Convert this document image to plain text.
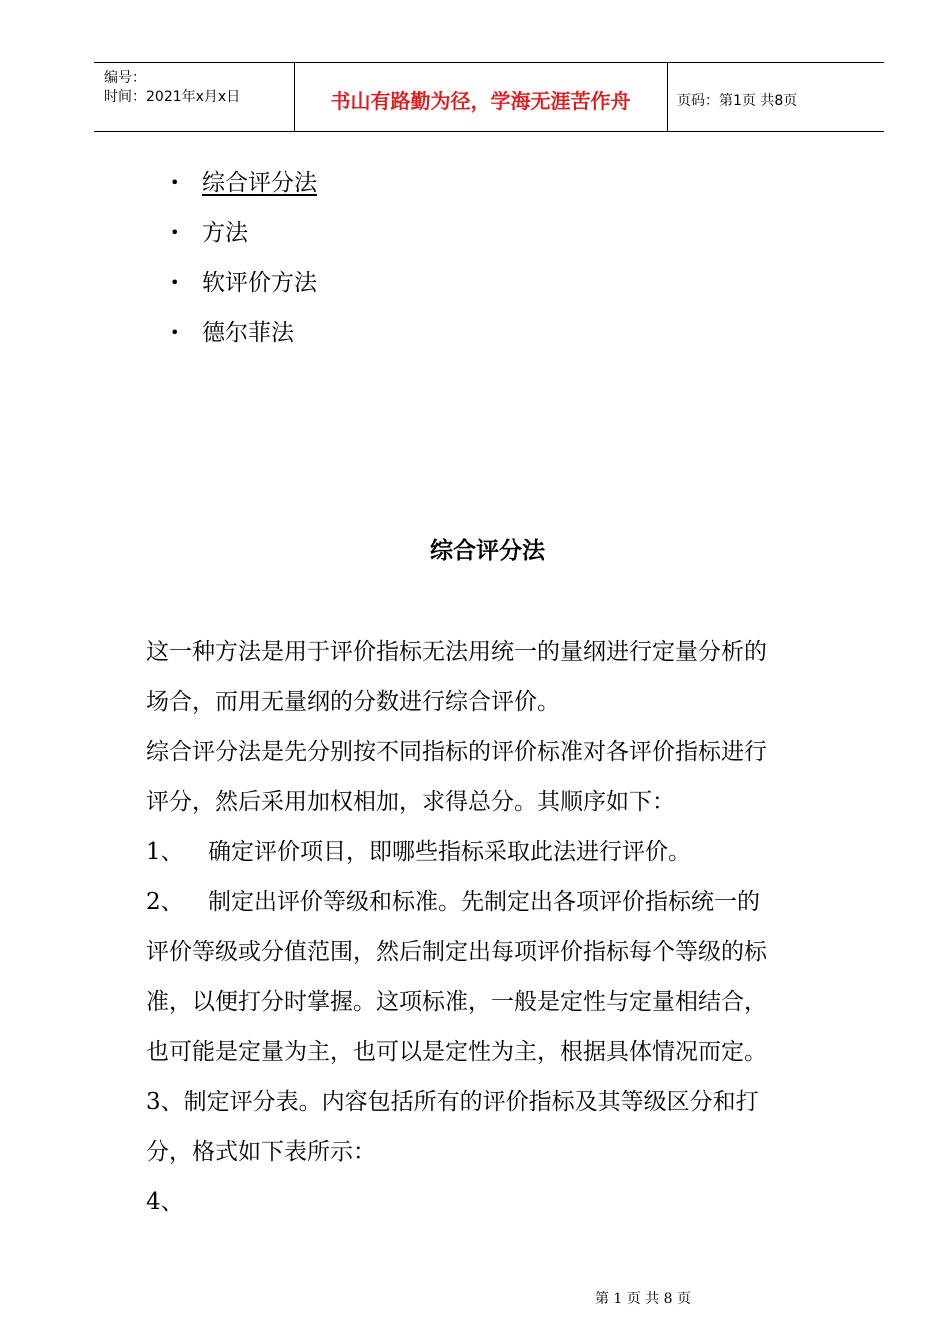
编号：
时间：2021年x月x日	书山有路勤为径，学海无涯苦作舟	页码：第1页 共8页
• 综合评分法
• 方法
• 软评价方法
• 德尔菲法
综合评分法

这一种方法是用于评价指标无法用统一的量纲进行定量分析的

场合，而用无量纲的分数进行综合评价。

综合评分法是先分别按不同指标的评价标准对各评价指标进行

评分，然后采用加权相加，求得总分。其顺序如下：

1、 确定评价项目，即哪些指标采取此法进行评价。

2、 制定出评价等级和标准。先制定出各项评价指标统一的

评价等级或分值范围，然后制定出每项评价指标每个等级的标

准，以便打分时掌握。这项标准，一般是定性与定量相结合，

也可能是定量为主，也可以是定性为主，根据具体情况而定。

3、制定评分表。内容包括所有的评价指标及其等级区分和打

分，格式如下表所示：

4、

第 1 页 共 8 页
